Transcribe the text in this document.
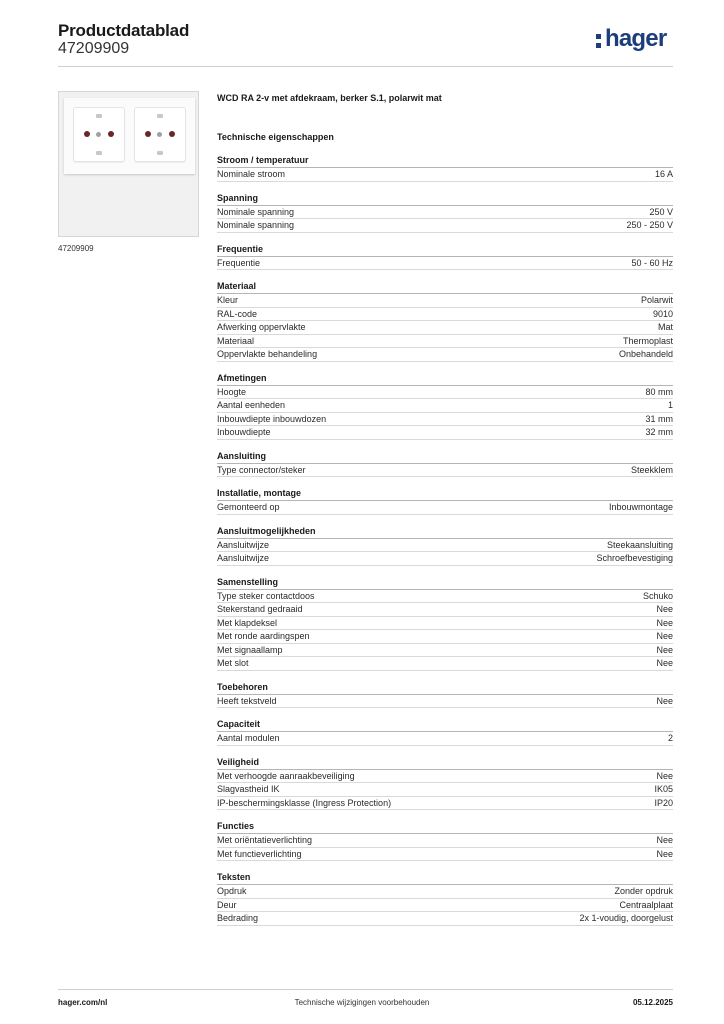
Productdatablad
47209909	hager
47209909
WCD RA 2-v met afdekraam, berker S.1, polarwit mat
Technische eigenschappen
Stroom / temperatuur
Nominale stroom	16 A
Spanning
Nominale spanning	250 V
Nominale spanning	250 - 250 V
Frequentie
Frequentie	50 - 60 Hz
Materiaal
Kleur	Polarwit
RAL-code	9010
Afwerking oppervlakte	Mat
Materiaal	Thermoplast
Oppervlakte behandeling	Onbehandeld
Afmetingen
Hoogte	80 mm
Aantal eenheden	1
Inbouwdiepte inbouwdozen	31 mm
Inbouwdiepte	32 mm
Aansluiting
Type connector/steker	Steekklem
Installatie, montage
Gemonteerd op	Inbouwmontage
Aansluitmogelijkheden
Aansluitwijze	Steekaansluiting
Aansluitwijze	Schroefbevestiging
Samenstelling
Type steker contactdoos	Schuko
Stekerstand gedraaid	Nee
Met klapdeksel	Nee
Met ronde aardingspen	Nee
Met signaallamp	Nee
Met slot	Nee
Toebehoren
Heeft tekstveld	Nee
Capaciteit
Aantal modulen	2
Veiligheid
Met verhoogde aanraakbeveiliging	Nee
Slagvastheid IK	IK05
IP-beschermingsklasse (Ingress Protection)	IP20
Functies
Met oriëntatieverlichting	Nee
Met functieverlichting	Nee
Teksten
Opdruk	Zonder opdruk
Deur	Centraalplaat
Bedrading	2x 1-voudig, doorgelust
hager.com/nl	Technische wijzigingen voorbehouden	05.12.2025
